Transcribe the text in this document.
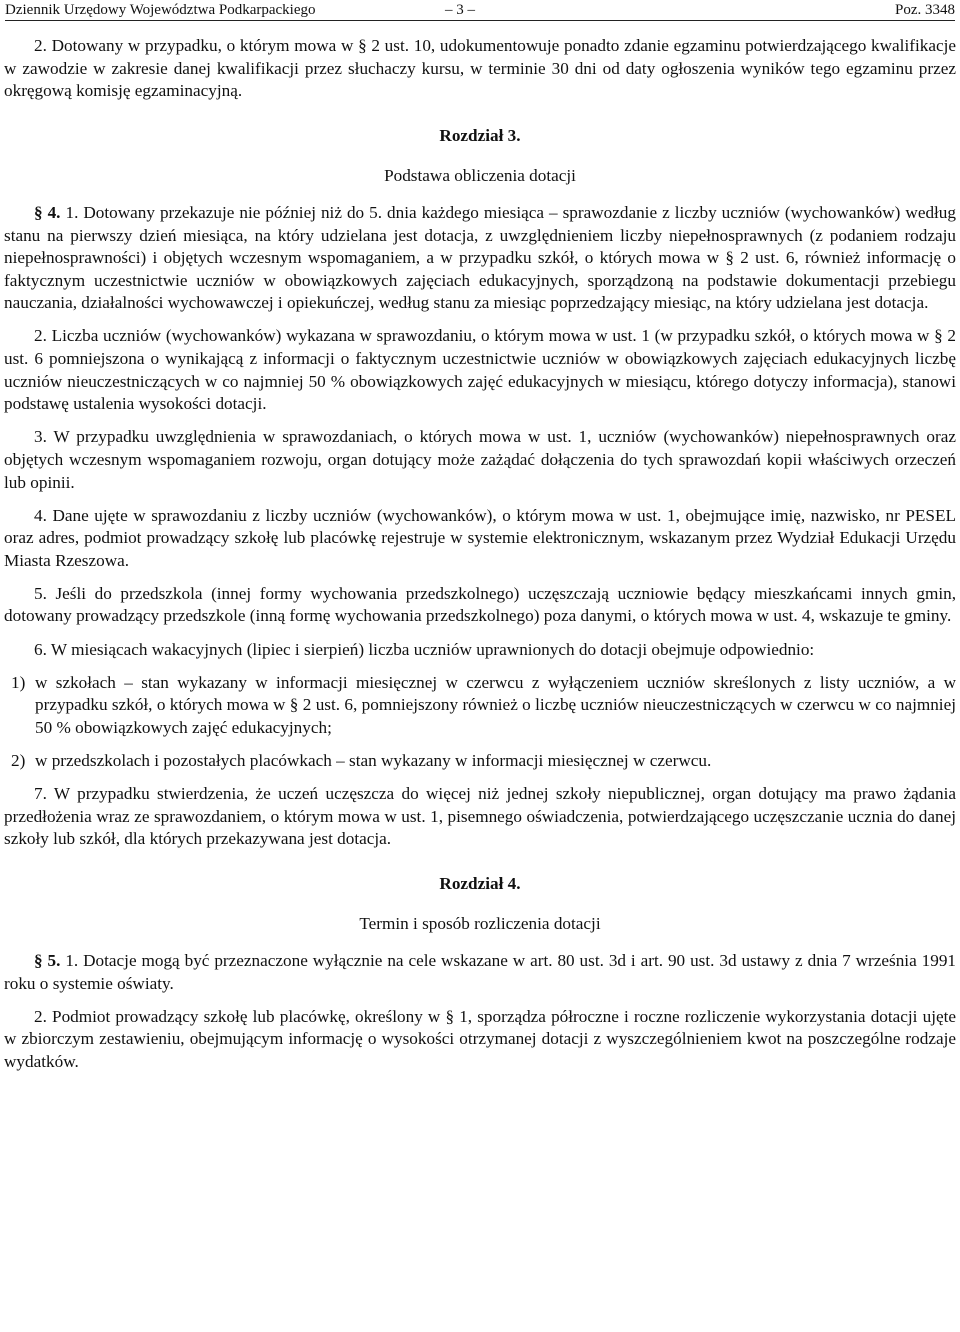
Dziennik Urzędowy Województwa Podkarpackiego	– 3 –	Poz. 3348

2. Dotowany w przypadku, o którym mowa w § 2 ust. 10, udokumentowuje ponadto zdanie egzaminu potwierdzającego kwalifikacje w zawodzie w zakresie danej kwalifikacji przez słuchaczy kursu, w terminie 30 dni od daty ogłoszenia wyników tego egzaminu przez okręgową komisję egzaminacyjną.

Rozdział 3.

Podstawa obliczenia dotacji

§ 4. 1. Dotowany przekazuje nie później niż do 5. dnia każdego miesiąca – sprawozdanie z liczby uczniów (wychowanków) według stanu na pierwszy dzień miesiąca, na który udzielana jest dotacja, z uwzględnieniem liczby niepełnosprawnych (z podaniem rodzaju niepełnosprawności) i objętych wczesnym wspomaganiem, a w przypadku szkół, o których mowa w § 2 ust. 6, również informację o faktycznym uczestnictwie uczniów w obowiązkowych zajęciach edukacyjnych, sporządzoną na podstawie dokumentacji przebiegu nauczania, działalności wychowawczej i opiekuńczej, według stanu za miesiąc poprzedzający miesiąc, na który udzielana jest dotacja.

2. Liczba uczniów (wychowanków) wykazana w sprawozdaniu, o którym mowa w ust. 1 (w przypadku szkół, o których mowa w § 2 ust. 6 pomniejszona o wynikającą z informacji o faktycznym uczestnictwie uczniów w obowiązkowych zajęciach edukacyjnych liczbę uczniów nieuczestniczących w co najmniej 50 % obowiązkowych zajęć edukacyjnych w miesiącu, którego dotyczy informacja), stanowi podstawę ustalenia wysokości dotacji.

3. W przypadku uwzględnienia w sprawozdaniach, o których mowa w ust. 1, uczniów (wychowanków) niepełnosprawnych oraz objętych wczesnym wspomaganiem rozwoju, organ dotujący może zażądać dołączenia do tych sprawozdań kopii właściwych orzeczeń lub opinii.

4. Dane ujęte w sprawozdaniu z liczby uczniów (wychowanków), o którym mowa w ust. 1, obejmujące imię, nazwisko, nr PESEL oraz adres, podmiot prowadzący szkołę lub placówkę rejestruje w systemie elektronicznym, wskazanym przez Wydział Edukacji Urzędu Miasta Rzeszowa.

5. Jeśli do przedszkola (innej formy wychowania przedszkolnego) uczęszczają uczniowie będący mieszkańcami innych gmin, dotowany prowadzący przedszkole (inną formę wychowania przedszkolnego) poza danymi, o których mowa w ust. 4, wskazuje te gminy.

6. W miesiącach wakacyjnych (lipiec i sierpień) liczba uczniów uprawnionych do dotacji obejmuje odpowiednio:

1) w szkołach – stan wykazany w informacji miesięcznej w czerwcu z wyłączeniem uczniów skreślonych z listy uczniów, a w przypadku szkół, o których mowa w § 2 ust. 6, pomniejszony również o liczbę uczniów nieuczestniczących w czerwcu w co najmniej 50 % obowiązkowych zajęć edukacyjnych;

2) w przedszkolach i pozostałych placówkach – stan wykazany w informacji miesięcznej w czerwcu.

7. W przypadku stwierdzenia, że uczeń uczęszcza do więcej niż jednej szkoły niepublicznej, organ dotujący ma prawo żądania przedłożenia wraz ze sprawozdaniem, o którym mowa w ust. 1, pisemnego oświadczenia, potwierdzającego uczęszczanie ucznia do danej szkoły lub szkół, dla których przekazywana jest dotacja.

Rozdział 4.

Termin i sposób rozliczenia dotacji

§ 5. 1. Dotacje mogą być przeznaczone wyłącznie na cele wskazane w art. 80 ust. 3d i art. 90 ust. 3d ustawy z dnia 7 września 1991 roku o systemie oświaty.

2. Podmiot prowadzący szkołę lub placówkę, określony w § 1, sporządza półroczne i roczne rozliczenie wykorzystania dotacji ujęte w zbiorczym zestawieniu, obejmującym informację o wysokości otrzymanej dotacji z wyszczególnieniem kwot na poszczególne rodzaje wydatków.
